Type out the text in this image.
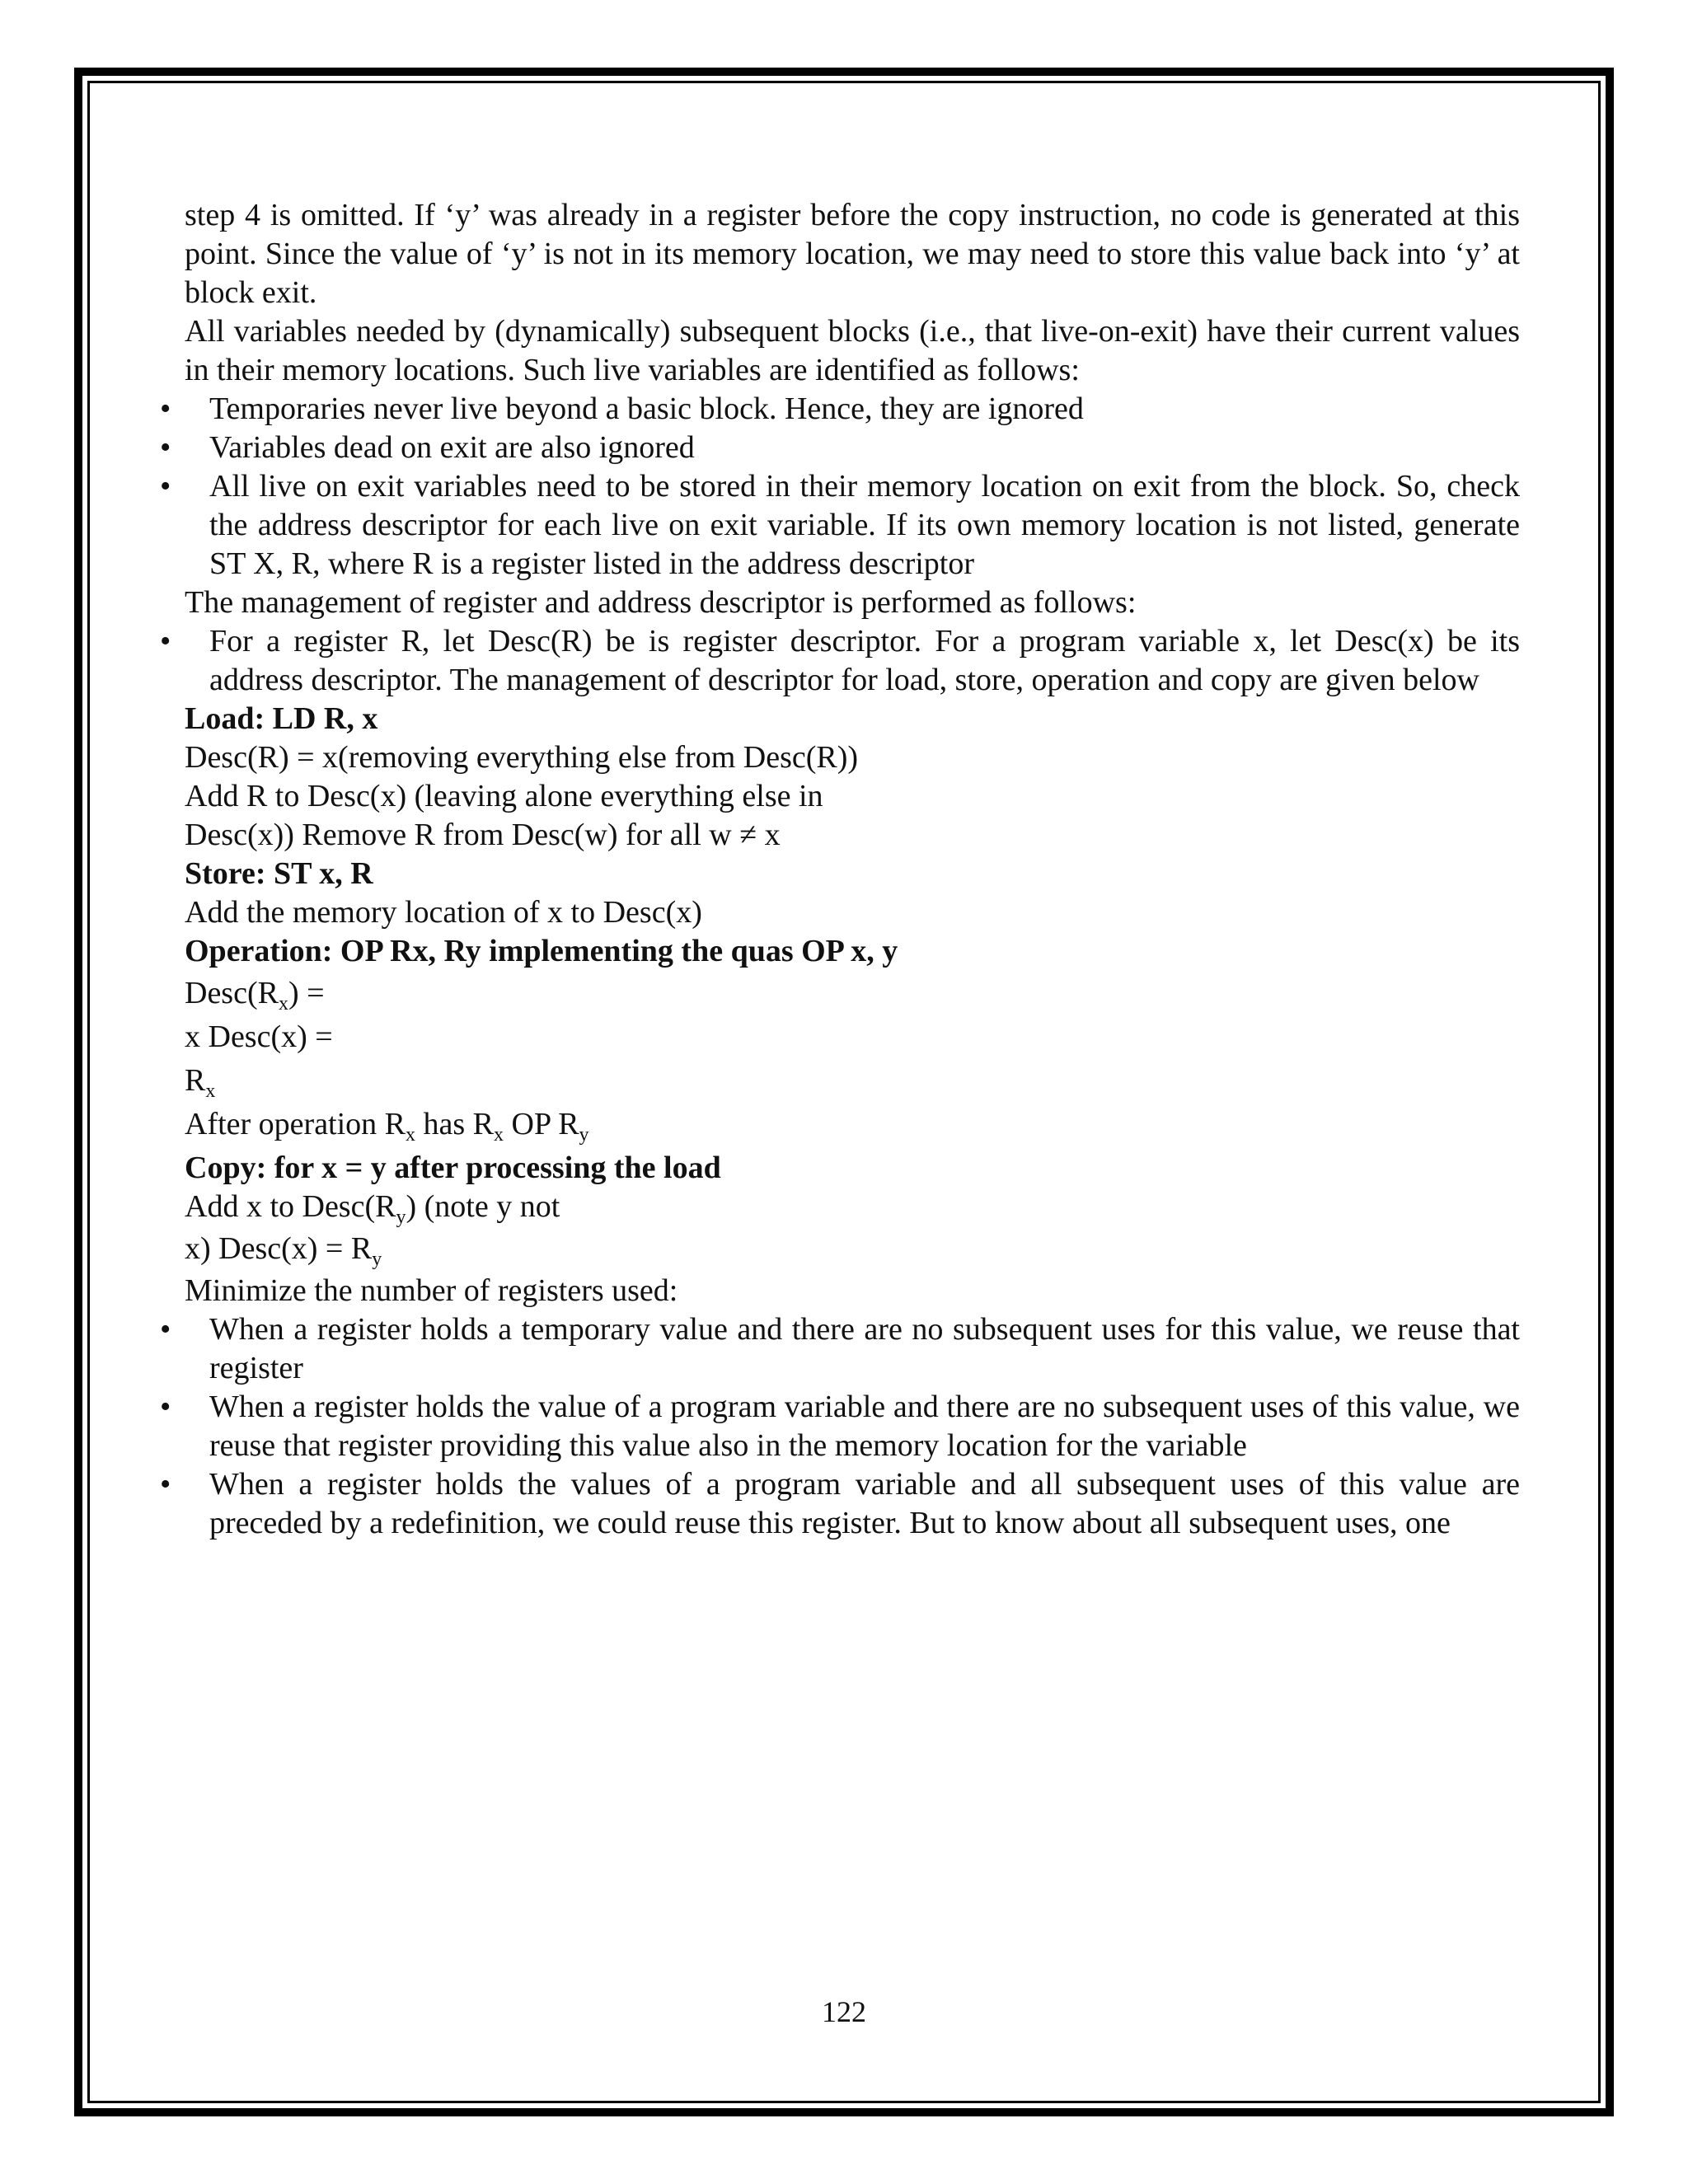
step 4 is omitted. If ‘y’ was already in a register before the copy instruction, no code is generated at this point. Since the value of ‘y’ is not in its memory location, we may need to store this value back into ‘y’ at block exit.

All variables needed by (dynamically) subsequent blocks (i.e., that live-on-exit) have their current values in their memory locations. Such live variables are identified as follows:

• Temporaries never live beyond a basic block. Hence, they are ignored
• Variables dead on exit are also ignored
• All live on exit variables need to be stored in their memory location on exit from the block. So, check the address descriptor for each live on exit variable. If its own memory location is not listed, generate ST X, R, where R is a register listed in the address descriptor

The management of register and address descriptor is performed as follows:

• For a register R, let Desc(R) be is register descriptor. For a program variable x, let Desc(x) be its address descriptor. The management of descriptor for load, store, operation and copy are given below
Load: LD R, x
Desc(R) = x(removing everything else from Desc(R))
Add R to Desc(x) (leaving alone everything else in
Desc(x)) Remove R from Desc(w) for all w ≠ x
Store: ST x, R
Add the memory location of x to Desc(x)
Operation: OP Rx, Ry implementing the quas OP x, y
$Desc(R_x)$ =
x Desc(x) =
$R_x$
After operation $R_x$ has $R_x$ OP $R_y$
Copy: for x = y after processing the load
Add x to $Desc(R_y)$ (note y not
x) Desc(x) = $R_y$
Minimize the number of registers used:
• When a register holds a temporary value and there are no subsequent uses for this value, we reuse that register
• When a register holds the value of a program variable and there are no subsequent uses of this value, we reuse that register providing this value also in the memory location for the variable
• When a register holds the values of a program variable and all subsequent uses of this value are preceded by a redefinition, we could reuse this register. But to know about all subsequent uses, one
122
